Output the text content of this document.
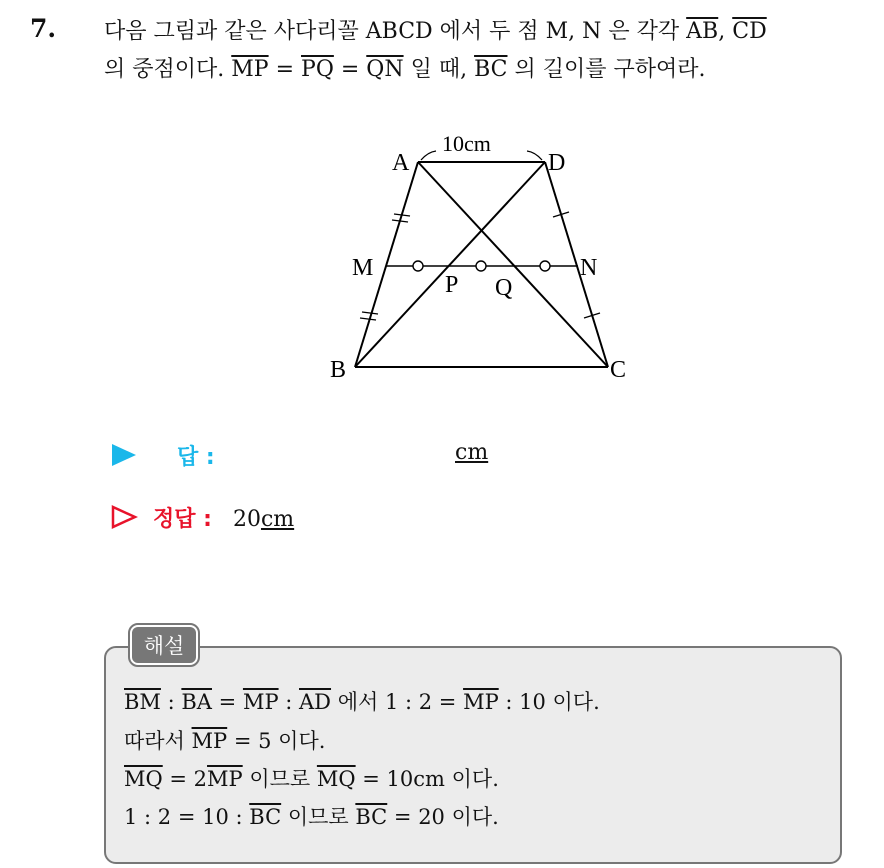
7. 다음 그림과 같은 사다리꼴 ABCD 에서 두 점 M, N 은 각각 $\overline{AB}$, $\overline{CD}$
의 중점이다. $\overline{MP} = \overline{PQ} = \overline{QN}$ 일 때, $\overline{BC}$ 의 길이를 구하여라.
10cm
A	D
M	N
P Q
B	C
답 :	cm
정답 : 20cm
해설
$\overline{BM}$ : $\overline{BA} = \overline{MP}$ : $\overline{AD}$ 에서 1 : $2 = \overline{MP}$ : 10 이다.
따라서 $\overline{MP} = 5$ 이다.
$\overline{MQ} = 2\overline{MP}$ 이므로 $\overline{MQ} = 10cm$ 이다.
1 : 2 = 10 : $\overline{BC}$ 이므로 $\overline{BC} = 20$ 이다.
